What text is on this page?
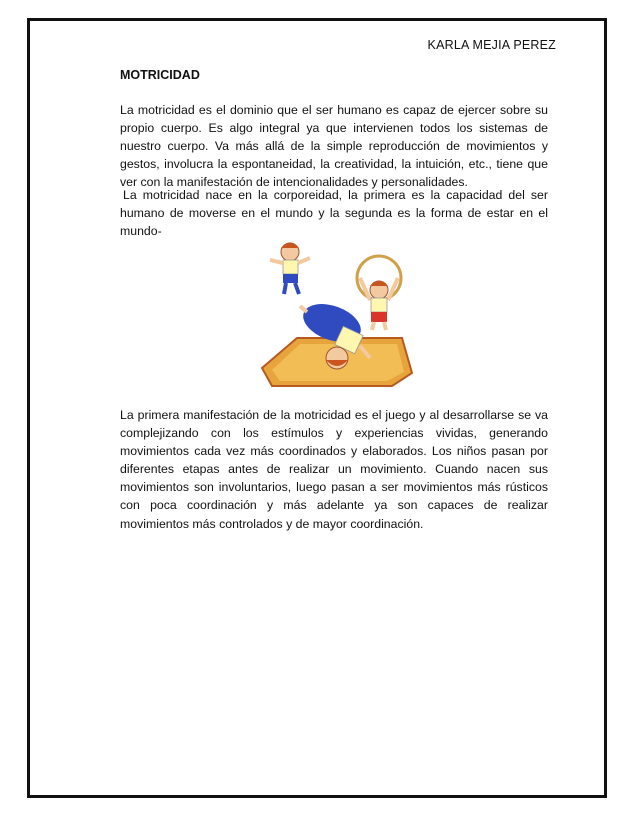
KARLA MEJIA PEREZ
MOTRICIDAD

La motricidad es el dominio que el ser humano es capaz de ejercer sobre su propio cuerpo. Es algo integral ya que intervienen todos los sistemas de nuestro cuerpo. Va más allá de la simple reproducción de movimientos y gestos, involucra la espontaneidad, la creatividad, la intuición, etc., tiene que ver con la manifestación de intencionalidades y personalidades.

La motricidad nace en la corporeidad, la primera es la capacidad del ser humano de moverse en el mundo y la segunda es la forma de estar en el mundo-

La primera manifestación de la motricidad es el juego y al desarrollarse se va complejizando con los estímulos y experiencias vividas, generando movimientos cada vez más coordinados y elaborados. Los niños pasan por diferentes etapas antes de realizar un movimiento. Cuando nacen sus movimientos son involuntarios, luego pasan a ser movimientos más rústicos con poca coordinación y más adelante ya son capaces de realizar movimientos más controlados y de mayor coordinación.
